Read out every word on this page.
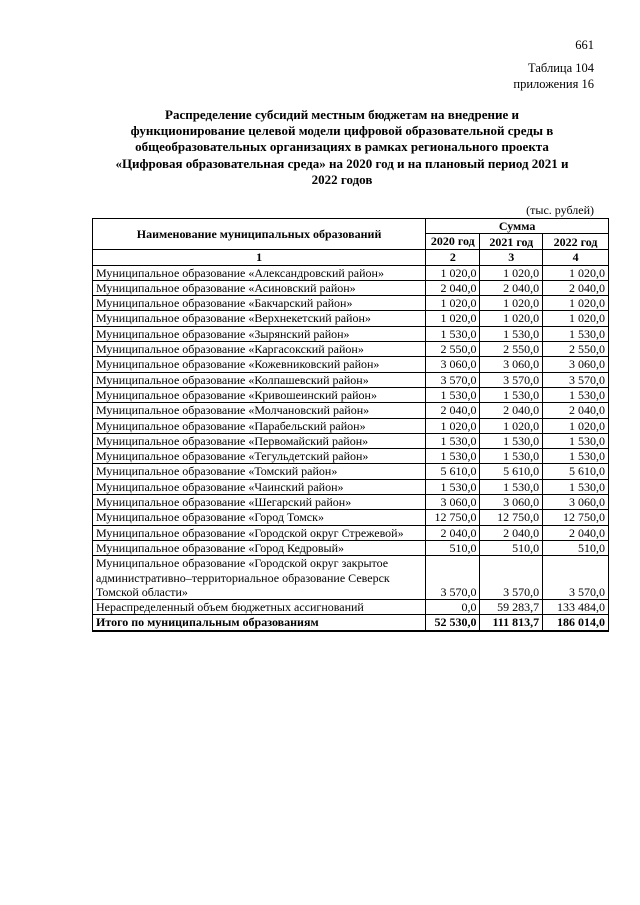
661
Таблица 104
приложения 16
Распределение субсидий местным бюджетам на внедрение и
функционирование целевой модели цифровой образовательной среды в
общеобразовательных организациях в рамках регионального проекта
«Цифровая образовательная среда» на 2020 год и на плановый период 2021 и
2022 годов
(тыс. рублей)
Наименование муниципальных образований	Сумма		
	2020 год	2021 год	2022 год
1	2	3	4
Муниципальное образование «Александровский район»	1 020,0	1 020,0	1 020,0
Муниципальное образование «Асиновский район»	2 040,0	2 040,0	2 040,0
Муниципальное образование «Бакчарский район»	1 020,0	1 020,0	1 020,0
Муниципальное образование «Верхнекетский район»	1 020,0	1 020,0	1 020,0
Муниципальное образование «Зырянский район»	1 530,0	1 530,0	1 530,0
Муниципальное образование «Каргасокский район»	2 550,0	2 550,0	2 550,0
Муниципальное образование «Кожевниковский район»	3 060,0	3 060,0	3 060,0
Муниципальное образование «Колпашевский район»	3 570,0	3 570,0	3 570,0
Муниципальное образование «Кривошеинский район»	1 530,0	1 530,0	1 530,0
Муниципальное образование «Молчановский район»	2 040,0	2 040,0	2 040,0
Муниципальное образование «Парабельский район»	1 020,0	1 020,0	1 020,0
Муниципальное образование «Первомайский район»	1 530,0	1 530,0	1 530,0
Муниципальное образование «Тегульдетский район»	1 530,0	1 530,0	1 530,0
Муниципальное образование «Томский район»	5 610,0	5 610,0	5 610,0
Муниципальное образование «Чаинский район»	1 530,0	1 530,0	1 530,0
Муниципальное образование «Шегарский район»	3 060,0	3 060,0	3 060,0
Муниципальное образование «Город Томск»	12 750,0	12 750,0	12 750,0
Муниципальное образование «Городской округ Стрежевой»	2 040,0	2 040,0	2 040,0
Муниципальное образование «Город Кедровый»	510,0	510,0	510,0
Муниципальное образование «Городской округ закрытое административно–территориальное образование Северск Томской области»	3 570,0	3 570,0	3 570,0
Нераспределенный объем бюджетных ассигнований	0,0	59 283,7	133 484,0
Итого по муниципальным образованиям	52 530,0	111 813,7	186 014,0
